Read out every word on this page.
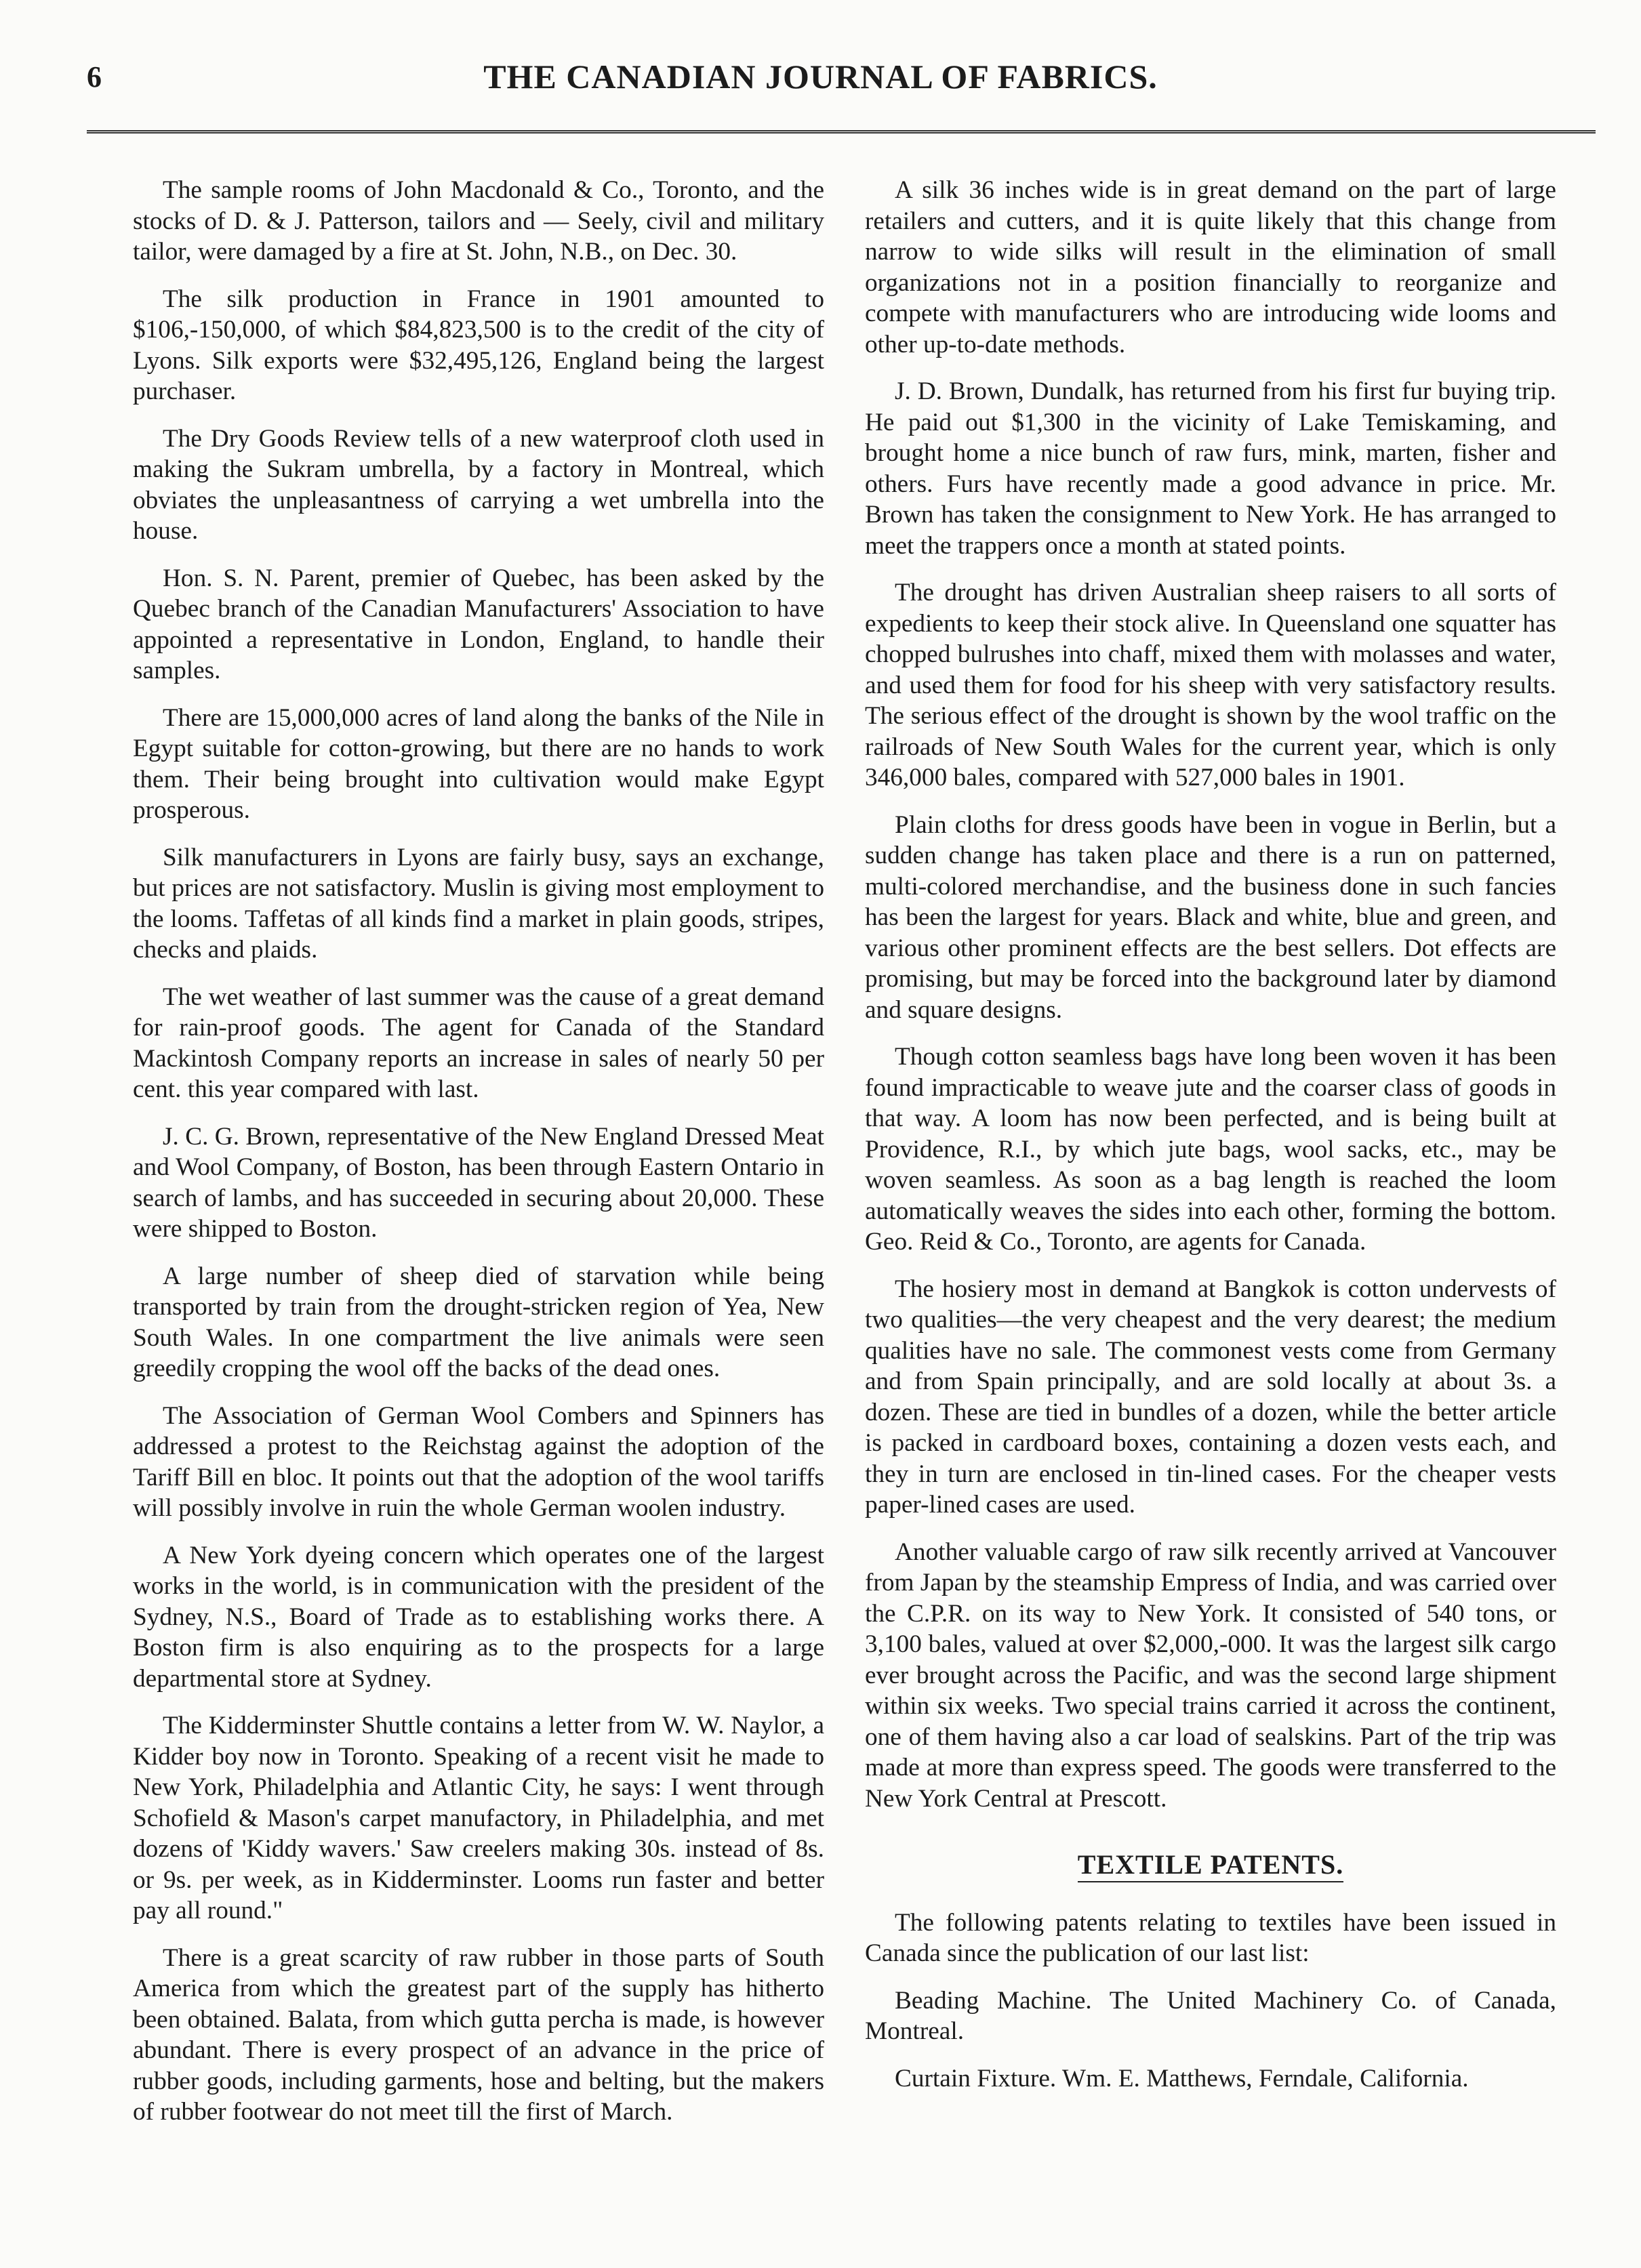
6	THE CANADIAN JOURNAL OF FABRICS.

The sample rooms of John Macdonald & Co., Toronto, and the stocks of D. & J. Patterson, tailors and — Seely, civil and military tailor, were damaged by a fire at St. John, N.B., on Dec. 30.

The silk production in France in 1901 amounted to $106,-150,000, of which $84,823,500 is to the credit of the city of Lyons. Silk exports were $32,495,126, England being the largest purchaser.

The Dry Goods Review tells of a new waterproof cloth used in making the Sukram umbrella, by a factory in Montreal, which obviates the unpleasantness of carrying a wet umbrella into the house.

Hon. S. N. Parent, premier of Quebec, has been asked by the Quebec branch of the Canadian Manufacturers' Association to have appointed a representative in London, England, to handle their samples.

There are 15,000,000 acres of land along the banks of the Nile in Egypt suitable for cotton-growing, but there are no hands to work them. Their being brought into cultivation would make Egypt prosperous.

Silk manufacturers in Lyons are fairly busy, says an exchange, but prices are not satisfactory. Muslin is giving most employment to the looms. Taffetas of all kinds find a market in plain goods, stripes, checks and plaids.

The wet weather of last summer was the cause of a great demand for rain-proof goods. The agent for Canada of the Standard Mackintosh Company reports an increase in sales of nearly 50 per cent. this year compared with last.

J. C. G. Brown, representative of the New England Dressed Meat and Wool Company, of Boston, has been through Eastern Ontario in search of lambs, and has succeeded in securing about 20,000. These were shipped to Boston.

A large number of sheep died of starvation while being transported by train from the drought-stricken region of Yea, New South Wales. In one compartment the live animals were seen greedily cropping the wool off the backs of the dead ones.

The Association of German Wool Combers and Spinners has addressed a protest to the Reichstag against the adoption of the Tariff Bill en bloc. It points out that the adoption of the wool tariffs will possibly involve in ruin the whole German woolen industry.

A New York dyeing concern which operates one of the largest works in the world, is in communication with the president of the Sydney, N.S., Board of Trade as to establishing works there. A Boston firm is also enquiring as to the prospects for a large departmental store at Sydney.

The Kidderminster Shuttle contains a letter from W. W. Naylor, a Kidder boy now in Toronto. Speaking of a recent visit he made to New York, Philadelphia and Atlantic City, he says: I went through Schofield & Mason's carpet manufactory, in Philadelphia, and met dozens of 'Kiddy wavers.' Saw creelers making 30s. instead of 8s. or 9s. per week, as in Kidderminster. Looms run faster and better pay all round."

There is a great scarcity of raw rubber in those parts of South America from which the greatest part of the supply has hitherto been obtained. Balata, from which gutta percha is made, is however abundant. There is every prospect of an advance in the price of rubber goods, including garments, hose and belting, but the makers of rubber footwear do not meet till the first of March.

A silk 36 inches wide is in great demand on the part of large retailers and cutters, and it is quite likely that this change from narrow to wide silks will result in the elimination of small organizations not in a position financially to reorganize and compete with manufacturers who are introducing wide looms and other up-to-date methods.

J. D. Brown, Dundalk, has returned from his first fur buying trip. He paid out $1,300 in the vicinity of Lake Temiskaming, and brought home a nice bunch of raw furs, mink, marten, fisher and others. Furs have recently made a good advance in price. Mr. Brown has taken the consignment to New York. He has arranged to meet the trappers once a month at stated points.

The drought has driven Australian sheep raisers to all sorts of expedients to keep their stock alive. In Queensland one squatter has chopped bulrushes into chaff, mixed them with molasses and water, and used them for food for his sheep with very satisfactory results. The serious effect of the drought is shown by the wool traffic on the railroads of New South Wales for the current year, which is only 346,000 bales, compared with 527,000 bales in 1901.

Plain cloths for dress goods have been in vogue in Berlin, but a sudden change has taken place and there is a run on patterned, multi-colored merchandise, and the business done in such fancies has been the largest for years. Black and white, blue and green, and various other prominent effects are the best sellers. Dot effects are promising, but may be forced into the background later by diamond and square designs.

Though cotton seamless bags have long been woven it has been found impracticable to weave jute and the coarser class of goods in that way. A loom has now been perfected, and is being built at Providence, R.I., by which jute bags, wool sacks, etc., may be woven seamless. As soon as a bag length is reached the loom automatically weaves the sides into each other, forming the bottom. Geo. Reid & Co., Toronto, are agents for Canada.

The hosiery most in demand at Bangkok is cotton undervests of two qualities—the very cheapest and the very dearest; the medium qualities have no sale. The commonest vests come from Germany and from Spain principally, and are sold locally at about 3s. a dozen. These are tied in bundles of a dozen, while the better article is packed in cardboard boxes, containing a dozen vests each, and they in turn are enclosed in tin-lined cases. For the cheaper vests paper-lined cases are used.

Another valuable cargo of raw silk recently arrived at Vancouver from Japan by the steamship Empress of India, and was carried over the C.P.R. on its way to New York. It consisted of 540 tons, or 3,100 bales, valued at over $2,000,-000. It was the largest silk cargo ever brought across the Pacific, and was the second large shipment within six weeks. Two special trains carried it across the continent, one of them having also a car load of sealskins. Part of the trip was made at more than express speed. The goods were transferred to the New York Central at Prescott.

TEXTILE PATENTS.

The following patents relating to textiles have been issued in Canada since the publication of our last list:

Beading Machine. The United Machinery Co. of Canada, Montreal.

Curtain Fixture. Wm. E. Matthews, Ferndale, California.
